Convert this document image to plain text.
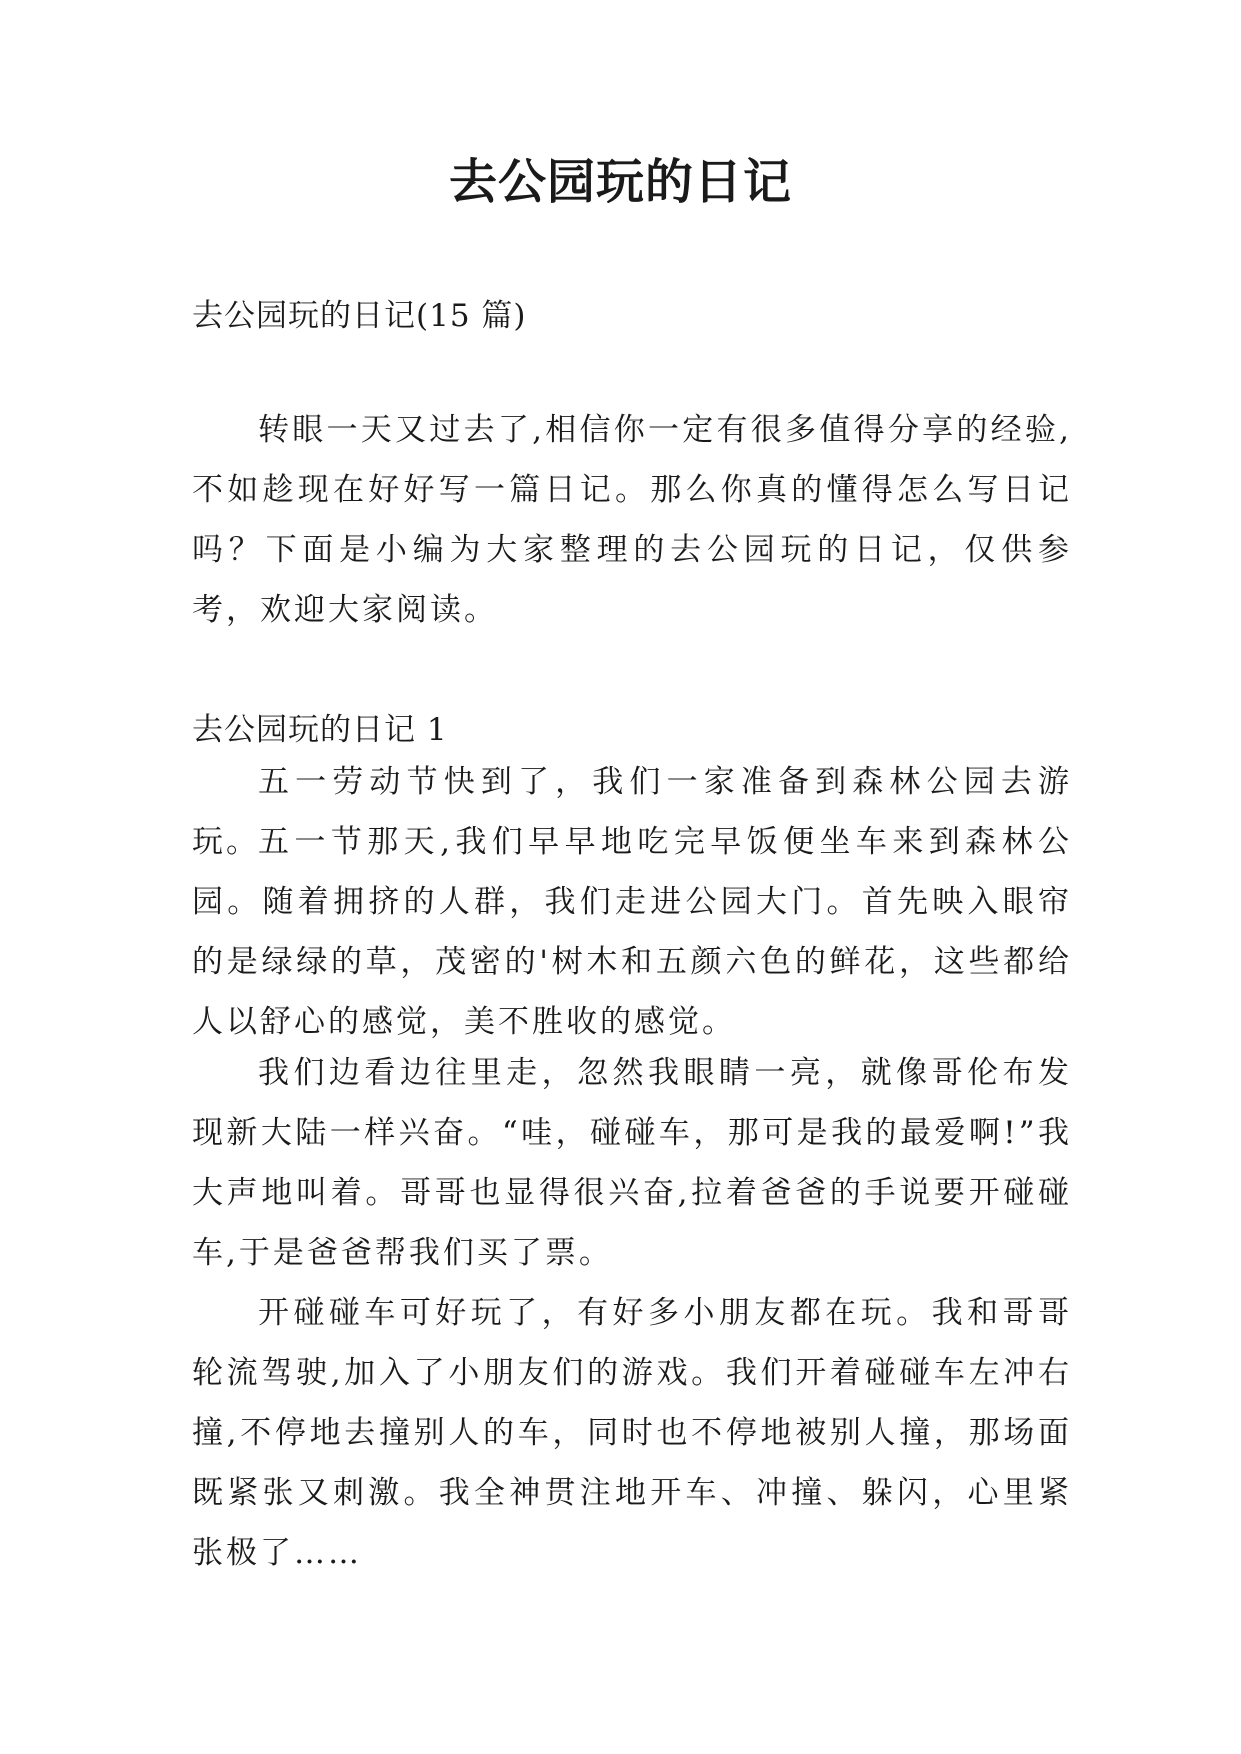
去公园玩的日记
去公园玩的日记(15 篇)
转眼一天又过去了,相信你一定有很多值得分享的经验,不如趁现在好好写一篇日记。那么你真的懂得怎么写日记吗？下面是小编为大家整理的去公园玩的日记，仅供参考，欢迎大家阅读。
去公园玩的日记 1
五一劳动节快到了，我们一家准备到森林公园去游玩。
五一节那天,我们早早地吃完早饭便坐车来到森林公园。随着拥挤的人群，我们走进公园大门。首先映入眼帘的是绿绿的草，茂密的'树木和五颜六色的鲜花，这些都给人以舒心的感觉，美不胜收的感觉。
我们边看边往里走，忽然我眼睛一亮，就像哥伦布发现新大陆一样兴奋。“哇，碰碰车，那可是我的最爱啊!”我大声地叫着。哥哥也显得很兴奋,拉着爸爸的手说要开碰碰车,于是爸爸帮我们买了票。
开碰碰车可好玩了，有好多小朋友都在玩。我和哥哥轮流驾驶,加入了小朋友们的游戏。我们开着碰碰车左冲右撞,不停地去撞别人的车，同时也不停地被别人撞，那场面既紧张又刺激。我全神贯注地开车、冲撞、躲闪，心里紧张极了……
